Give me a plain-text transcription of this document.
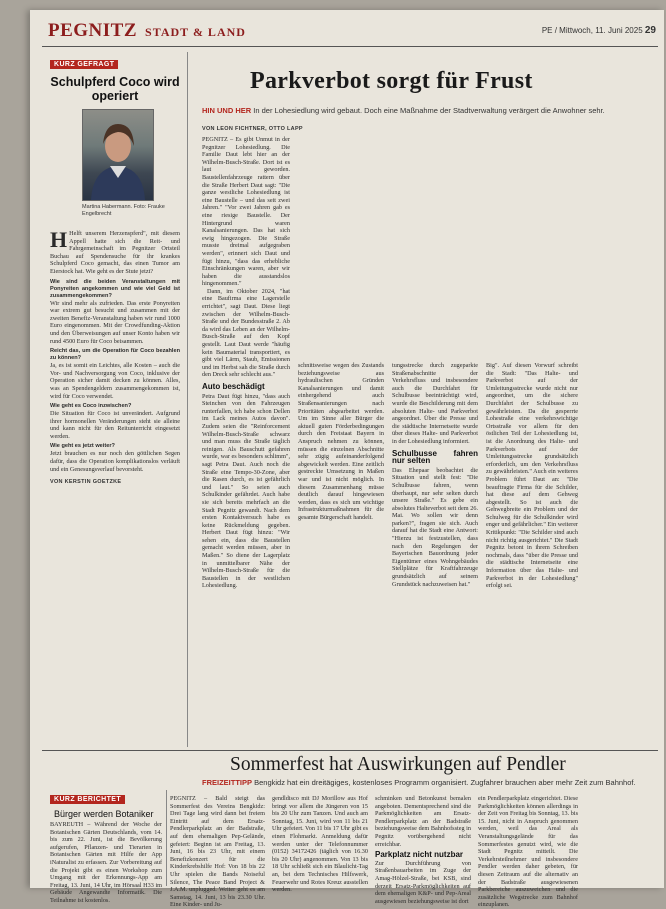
PEGNITZ STADT & LAND	PE / Mittwoch, 11. Juni 2025 29
KURZ GEFRAGT
Schulpferd Coco wird operiert
Martina Habermann. Foto: Frauke Engelbrecht

H Helft unserem Herzenspferd", mit diesem Appell hatte sich die Reit- und Fahrgemeinschaft im Pegnitzer Ortsteil Buchau auf Spendensuche für ihr krankes Schulpferd Coco gemacht, das einen Tumor am Eierstock hat. Wie geht es der Stute jetzt?

Wie sind die beiden Veranstaltungen mit Ponyreiten angekommen und wie viel Geld ist zusammengekommen?

Wir sind mehr als zufrieden. Das erste Ponyreiten war extrem gut besucht und zusammen mit der zweiten Benefiz-Veranstaltung haben wir rund 1000 Euro eingenommen. Mit der Crowdfunding-Aktion und den Überweisungen auf unser Konto haben wir rund 4500 Euro für Coco beisammen.

Reicht das, um die Operation für Coco bezahlen zu können?

Ja, es ist somit ein Leichtes, alle Kosten – auch die Vor- und Nachversorgung von Coco, inklusive der Operation sicher damit decken zu können. Alles, was an Spendengeldern zusammengekommen ist, wird für Coco verwendet.

Wie geht es Coco inzwischen?

Die Situation für Coco ist unverändert. Aufgrund ihrer hormonellen Veränderungen steht sie alleine und kann nicht für den Reitunterricht eingesetzt werden.

Wie geht es jetzt weiter?

Jetzt brauchen es nur noch den göttlichen Segen dafür, dass die Operation komplikationslos verläuft und ein Genesungsverlauf bevorsteht.

VON KERSTIN GOETZKE
Parkverbot sorgt für Frust
HIN UND HER In der Lohesiedlung wird gebaut. Doch eine Maßnahme der Stadtverwaltung verärgert die Anwohner sehr.
VON LEON FICHTNER, OTTO LAPP

PEGNITZ – Es gibt Unmut in der Pegnitzer Lohesiedlung. Die Familie Daut lebt hier an der Wilhelm-Busch-Straße. Dort ist es laut geworden. Baustellenfahrzeuge rattern über die Straße Herbert Daut sagt: "Die ganze westliche Lohesiedlung ist eine Baustelle – und das seit zwei Jahren." "Vor zwei Jahren gab es eine riesige Baustelle. Der Hintergrund waren Kanalsanierungen. Das hat sich ewig hingezogen. Die Straße musste dreimal aufgegraben werden", erinnert sich Daut und fügt hinzu, "dass das erhebliche Einschränkungen waren, aber wir haben die ausstandslos hingenommen."

Dann, im Oktober 2024, "hat eine Baufirma eine Lagerstelle errichtet", sagt Daut. Diese liegt zwischen der Wilhelm-Busch-Straße und der Bundesstraße 2. Ab da wird das Leben an der Wilhelm-Busch-Straße auf den Kopf gestellt. Laut Daut werde "häufig kein Baumaterial transportiert, es gibt viel Lärm, Staub, Emissionen und im Herbst sah die Straße durch den Dreck sehr schlecht aus."

Auto beschädigt

Petra Daut fügt hinzu, "dass auch Steinchen von den Fahrzeugen runterfallen, ich habe schon Dellen im Lack meines Autos davon". Zudem seien die "Reinforcement Wilhelm-Busch-Straße schwarz und man muss die Straße täglich reinigen. Als Bauschutt gefahren wurde, war es besonders schlimm", sagt Petra Daut. Auch noch die Straße eine Tempo-30-Zone, aber die Rasen durch, es ist gefährlich und laut." So seien auch Schulkinder gefährdet. Auch habe sie sich bereits mehrfach an die Stadt Pegnitz gewandt. Nach dem ersten Kontaktversuch habe es keine Rückmeldung gegeben. Herbert Daut fügt hinzu: "Wir sehen ein, dass die Baustellen gemacht werden müssen, aber in Maßen." So diene der Lagerplatz in unmittelbarer Nähe der Wilhelm-Busch-Straße für die Baustellen in der westlichen Lohesiedlung.

schnittsweise wegen des Zustands beziehungsweise aus hydraulischen Gründen Kanalsanierungen und damit einhergehend auch Straßensanierungen nach Prioritäten abgearbeitet werden. Um im Sinne aller Bürger die aktuell guten Förderbedingungen durch den Freistaat Bayern in Anspruch nehmen zu können, müssen die einzelnen Abschnitte sehr zügig aufeinanderfolgend abgewickelt werden. Eine zeitlich gestreckte Umsetzung in Maßen war und ist nicht möglich. In diesem Zusammenhang müsse deutlich darauf hingewiesen werden, dass es sich um wichtige Infrastrukturmaßnahmen für die gesamte Bürgerschaft handelt.

tungsstrecke durch zugeparkte Straßenabschnitte der Verkehrsfluss und insbesondere auch die Durchfahrt für Schulbusse beeinträchtigt wird, wurde die Beschilderung mit dem absoluten Halte- und Parkverbot angeordnet. Über die Presse und die städtische Internetseite wurde über dieses Halte- und Parkverbot in der Lohesiedlung informiert.

Schulbusse fahren nur selten

Das Ehepaar beobachtet die Situation und stellt fest: "Die Schulbusse fahren, wenn überhaupt, nur sehr selten durch unsere Straße." Es gebe ein absolutes Halteverbot seit dem 26. Mai. Wo sollen wir denn parken?", fragen sie sich. Auch darauf hat die Stadt eine Antwort: "Hierzu ist festzustellen, dass nach den Regelungen der Bayerischen Bauordnung jeder Eigentümer eines Wohngebäudes Stellplätze für Kraftfahrzeuge grundsätzlich auf seinem Grundstück nachzuweisen hat."

Big". Auf diesen Vorwurf schreibt die Stadt: "Das Halte- und Parkverbot auf der Umleitungsstrecke wurde nicht nur angeordnet, um die sichere Durchfahrt der Schulbusse zu gewährleisten. Da die gesperrte Lohestraße eine verkehrswichtige Ortsstraße vor allem für den östlichen Teil der Lohesiedlung ist, ist die Anordnung des Halte- und Parkverbots auf der Umleitungsstrecke grundsätzlich erforderlich, um den Verkehrsfluss zu gewährleisten." Auch ein weiteres Problem führt Daut an: "Die beauftragte Firma für die Schilder, hat diese auf dem Gehweg abgestellt. So ist auch die Gehwegbreite ein Problem und der Schulweg für die Schulkinder wird enger und gefährlicher." Ein weiterer Kritikpunkt: "Die Schilder sind auch nicht richtig ausgerichtet." Die Stadt Pegnitz betont in ihrem Schreiben nochmals, dass "über die Presse und die städtische Internetseite eine Information über das Halte- und Parkverbot in der Lohesiedlung" erfolgt sei.

Sommerfest hat Auswirkungen auf Pendler
FREIZEITTIPP Bengkidz hat ein dreitägiges, kostenloses Programm organisiert. Zugfahrer brauchen aber mehr Zeit zum Bahnhof.

PEGNITZ – Bald steigt das Sommerfest des Vereins Bengkidz: Drei Tage lang wird dann bei freiem Eintritt auf dem Ersatz-Pendlerparkplatz an der Badstraße, auf dem ehemaligen Pep-Gelände, gefeiert: Beginn ist am Freitag, 13. Juni, 16 bis 23 Uhr, mit einem Benefizkonzert für die Kinderkrebshilfe Hof: Von 18 bis 22 Uhr spielen die Bands Noiseful Silence, The Peace Band Project & J.A.M. unplugged. Weiter geht es am Samstag, 14. Juni, 13 bis 23.30 Uhr. Eine Kinder- und Ju-

gendldisco mit DJ Morillow aus Hof bringt vor allem die Jüngeren von 15 bis 20 Uhr zum Tanzen. Und auch am Sonntag, 15. Juni, wird von 11 bis 21 Uhr gefeiert. Von 11 bis 17 Uhr gibt es einen Flohmarkt. Anmeldung dafür werden unter der Telefonnummer (0152) 34172426 (täglich von 16.30 bis 20 Uhr) angenommen. Von 13 bis 18 Uhr schließt sich ein Blaulicht-Tag an, bei dem Technisches Hilfswerk, Feuerwehr und Rotes Kreuz ausstellen werden.

schminken und Betonkunst bemalen angeboten. Dementsprechend sind die Parkmöglichkeiten am Ersatz-Pendlerparkplatz an der Badstraße beziehungsweise dem Bahnhofssteg in Pegnitz vorübergehend nicht erreichbar.

Parkplatz nicht nutzbar

Zur Durchführung von Straßenbauarbeiten im Zuge der Amag-Hölzel-Straße, bei KSB, sind derzeit Ersatz-Parkmöglichkeiten auf dem ehemaligen K&P- und Pep-Areal ausgewiesen beziehungsweise ist dort

ein Pendlerparkplatz eingerichtet. Diese Parkmöglichkeiten können allerdings in der Zeit von Freitag bis Sonntag, 13. bis 15. Juni, nicht in Anspruch genommen werden, weil das Areal als Veranstaltungsgelände für das Sommerfestes genutzt wird, wie die Stadt Pegnitz mitteilt. Die Verkehrsteilnehmer und insbesondere Pendler werden daher gebeten, für diesen Zeitraum auf die alternativ an der Badstraße ausgewiesenen Parkbereiche auszuweichen und die zusätzliche Wegstrecke zum Bahnhof einzuplanen.

KURZ BERICHTET
Bürger werden Botaniker

BAYREUTH – Während der Woche der Botanischen Gärten Deutschlands, vom 14. bis zum 22. Juni, ist die Bevölkerung aufgerufen, Pflanzen- und Tierarten in Botanischen Gärten mit Hilfe der App iNaturalist zu erfassen. Zur Vorbereitung auf die Projekt gibt es einen Workshop zum Umgang mit der Erkennungs-App am Freitag, 13. Juni, 14 Uhr, im Hörsaal H33 im Gebäude Angewandte Informatik. Die Teilnahme ist kostenlos.
